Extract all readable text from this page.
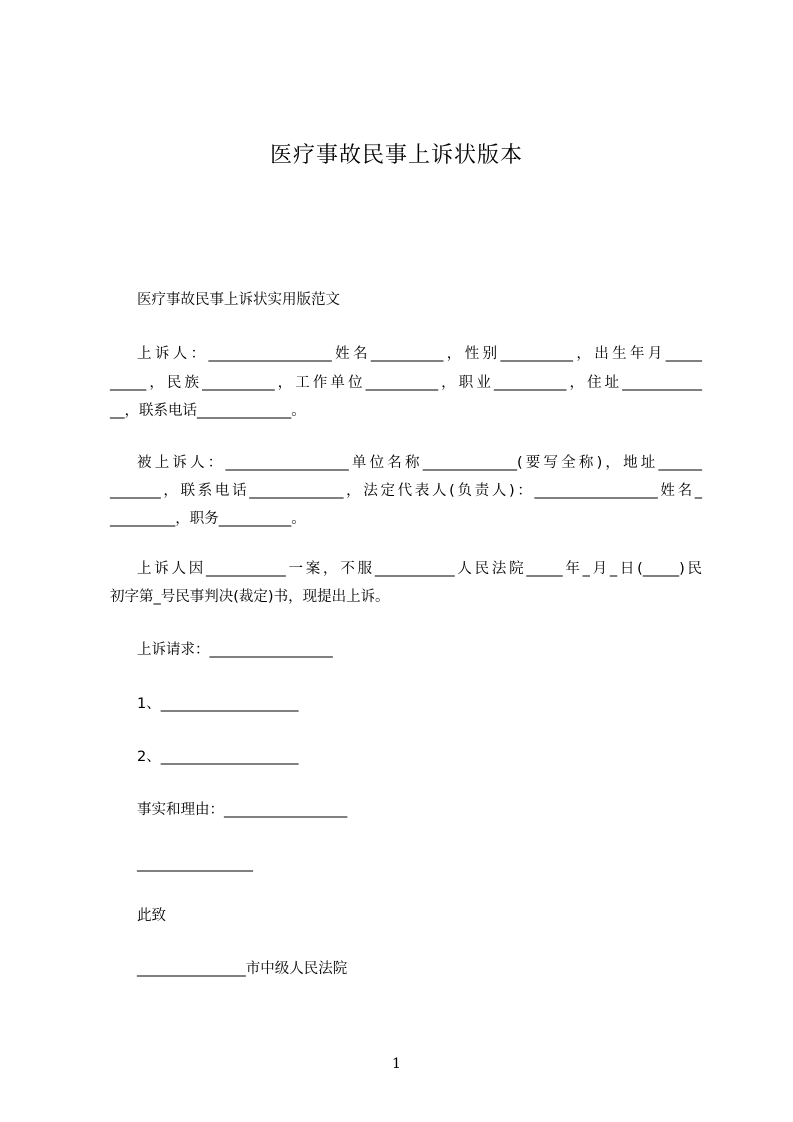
医疗事故民事上诉状版本
医疗事故民事上诉状实用版范文
上诉人：_________________姓名__________，性别__________，出生年月_____
_____，民族__________，工作单位__________，职业__________，住址___________
__，联系电话_____________。
被上诉人：_________________单位名称_____________(要写全称)，地址______
_______，联系电话_____________，法定代表人(负责人)：_________________姓名_
_________，职务__________。
上诉人因___________一案，不服___________人民法院_____年_月_日(_____)民
初字第_号民事判决(裁定)书，现提出上诉。
上诉请求：_________________
1、___________________
2、___________________
事实和理由：_________________
________________
此致
_______________市中级人民法院
1
